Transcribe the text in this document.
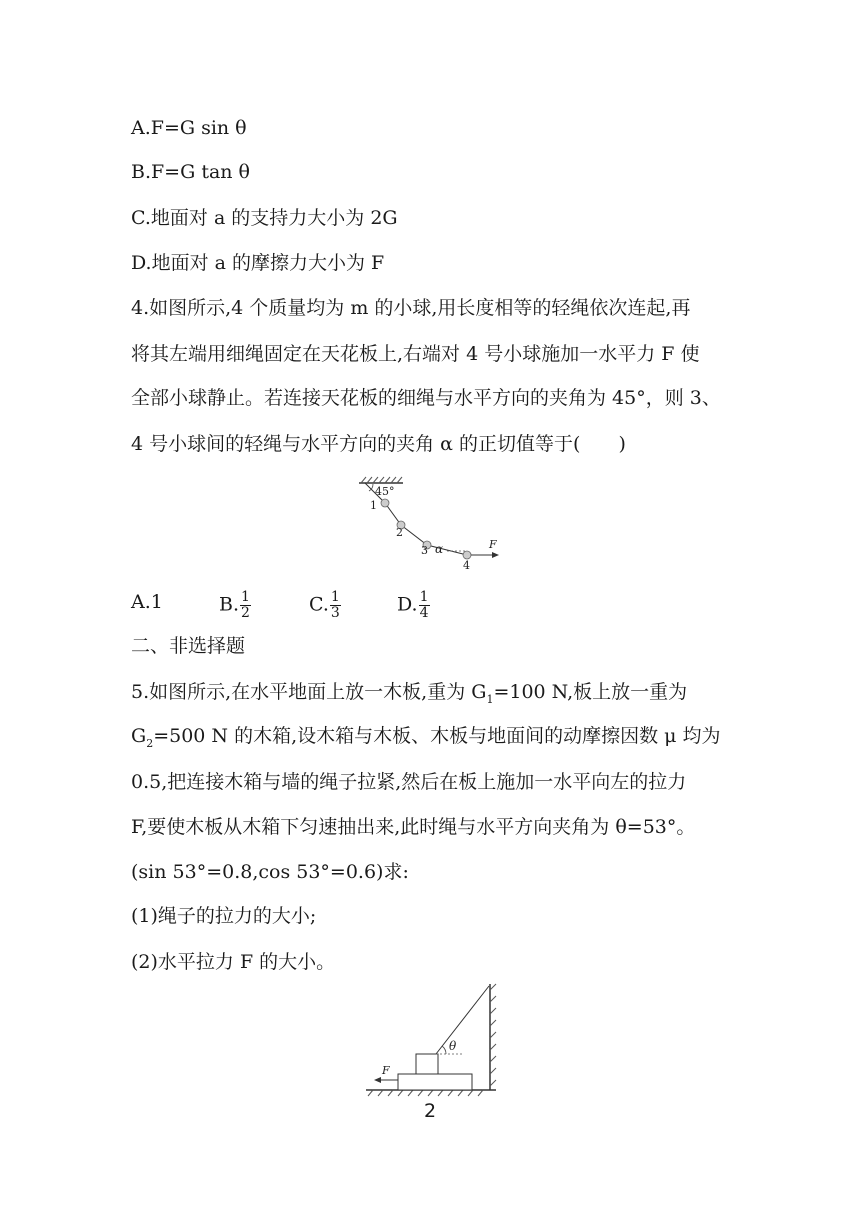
A.F=G sin θ
B.F=G tan θ
C.地面对 a 的支持力大小为 2G
D.地面对 a 的摩擦力大小为 F
4.如图所示,4 个质量均为 m 的小球,用长度相等的轻绳依次连起,再
将其左端用细绳固定在天花板上,右端对 4 号小球施加一水平力 F 使
全部小球静止。若连接天花板的细绳与水平方向的夹角为 45°，则 3、
4 号小球间的轻绳与水平方向的夹角 α 的正切值等于(　　)
45°
1
2
3
4
α	F
A.1	B. $\frac{1}{2}$	C. $\frac{1}{3}$	D. $\frac{1}{4}$
二、非选择题
5.如图所示,在水平地面上放一木板,重为 $G_1=100$ N,板上放一重为
$G_2=500$ N 的木箱,设木箱与木板、木板与地面间的动摩擦因数 μ 均为
0.5,把连接木箱与墙的绳子拉紧,然后在板上施加一水平向左的拉力
F,要使木板从木箱下匀速抽出来,此时绳与水平方向夹角为 θ=53°。
(sin 53°=0.8,cos 53°=0.6)求:
(1)绳子的拉力的大小;
(2)水平拉力 F 的大小。
θ
F
2
